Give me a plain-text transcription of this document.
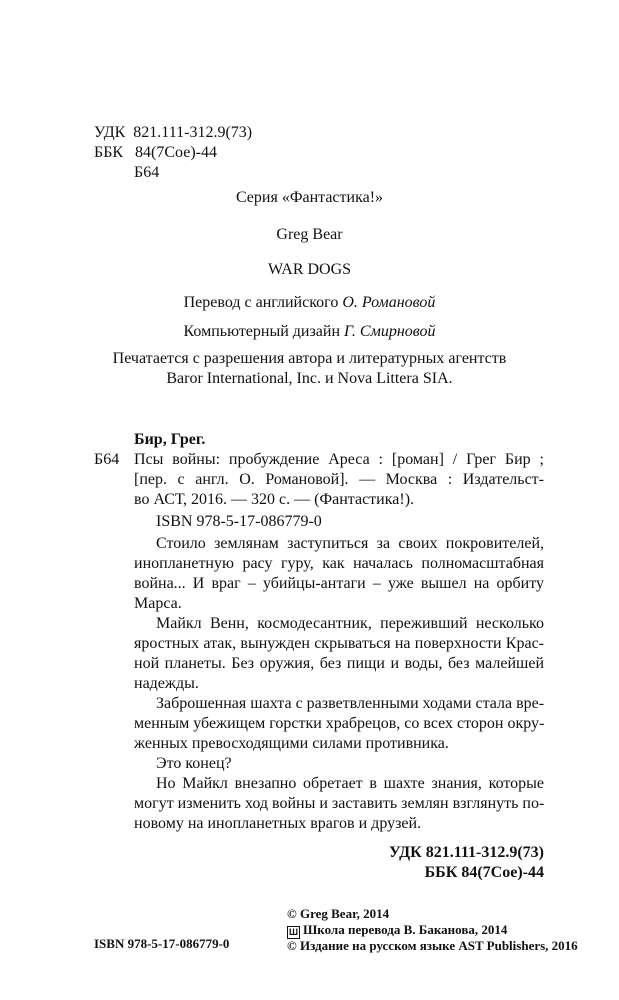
УДК 821.111-312.9(73)
ББК 84(7Сое)-44
Б64
Серия «Фантастика!»
Greg Bear
WAR DOGS
Перевод с английского О. Романовой
Компьютерный дизайн Г. Смирновой
Печатается с разрешения автора и литературных агентств
Baror International, Inc. и Nova Littera SIA.
Бир, Грег.
Б64 Псы войны: пробуждение Ареса : [роман] / Грег Бир ;
[пер. с англ. О. Романовой]. — Москва : Издательст-
во АСТ, 2016. — 320 с. — (Фантастика!).
ISBN 978-5-17-086779-0
Стоило землянам заступиться за своих покровителей,
инопланетную расу гуру, как началась полномасштабная
война... И враг – убийцы-антаги – уже вышел на орбиту
Марса.
Майкл Венн, космодесантник, переживший несколько
яростных атак, вынужден скрываться на поверхности Крас-
ной планеты. Без оружия, без пищи и воды, без малейшей
надежды.
Заброшенная шахта с разветвленными ходами стала вре-
менным убежищем горстки храбрецов, со всех сторон окру-
женных превосходящими силами противника.
Это конец?
Но Майкл внезапно обретает в шахте знания, которые
могут изменить ход войны и заставить землян взглянуть по-
новому на инопланетных врагов и друзей.
УДК 821.111-312.9(73)
ББК 84(7Сое)-44
ISBN 978-5-17-086779-0
© Greg Bear, 2014
Ш Школа перевода В. Баканова, 2014
© Издание на русском языке AST Publishers, 2016
